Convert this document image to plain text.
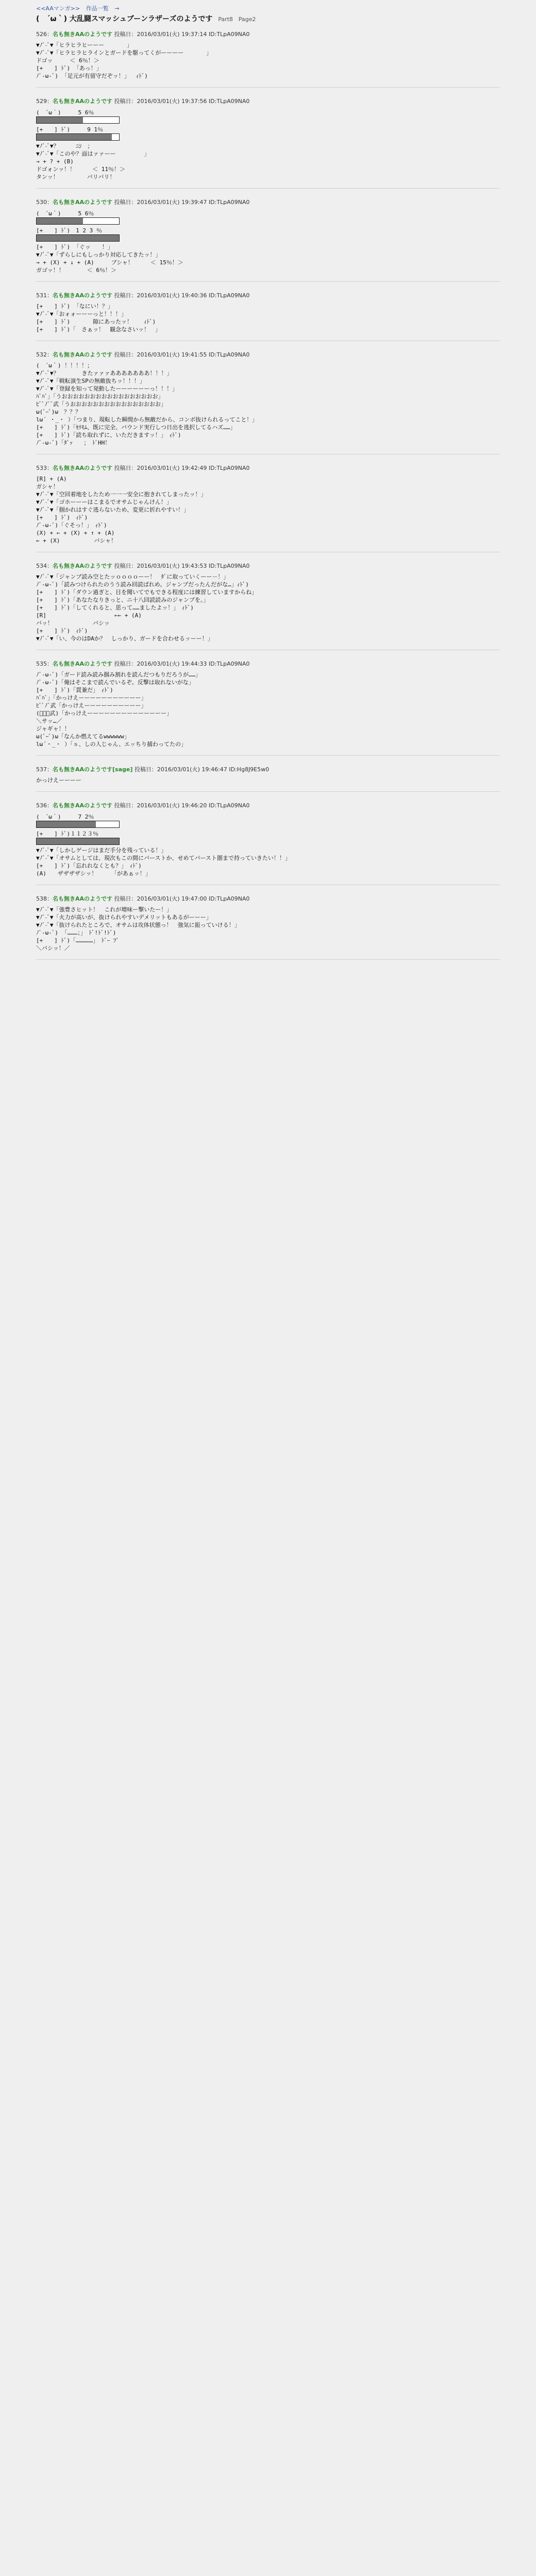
<<AAマンガ>> 作品一覧 →
(　´ω｀) 大乱闘スマッシュブーンラザーズのようです Part8 Page2
526：名も無きAAのようです 投稿日：2016/03/01(火) 19:37:14 ID:TLpA09NA0
▼ﾉﾞ-ﾞ▼「ヒラヒラヒーーー　　　　」
▼ﾉﾞ-ﾞ▼「ヒラヒラヒラインとガードを駆ってくがーーーー　　　　」
ドゴッ　　　＜ 6％！＞
[+　　] ﾄﾞ) 「あっ！」
ﾉﾞ-ω-ﾞ) 「足元が有留守だぞッ！」　 ｨﾄﾞ)
529：名も無きAAのようです 投稿日：2016/03/01(火) 19:37:56 ID:TLpA09NA0
(　´ω｀)　　　5 6％
[+　　] ﾄﾞ)　　　9 1％
▼ﾉﾞ-ﾞ▼？　　　ﾆｼ　；
▼ﾉﾞ-ﾞ▼「このや？面はァァーー　　　　　」
→ + ? + (B)
ドゴォンッ！！　　　＜ 11％！＞
タンッ！　　　　　バリバリ！
530：名も無きAAのようです 投稿日：2016/03/01(火) 19:39:47 ID:TLpA09NA0
(　´ω｀)　　　5 6％
[+　　] ﾄﾞ)　1 2 3 ％
[+　　] ﾄﾞ) 「ぐッ　　！」
▼ﾉﾞ-ﾞ▼「ずらしにもしっかり対応してきたッ！」
→ + (X) + ↓ + (A)　　　ブシャ！　　　＜ 15％！＞
ガゴッ！！　　　　＜ 6％！＞
531：名も無きAAのようです 投稿日：2016/03/01(火) 19:40:36 ID:TLpA09NA0
[+　　] ﾄﾞ) 「なにい！？」
▼ﾉﾞ-ﾞ▼「おォォーーーっと！！！」
[+　　] ﾄﾞ)　　　　隙にあったッ！　　ｨﾄﾞ)
[+　　] ﾄﾞ)「　さぁッ！　観念なさいッ！　」
532：名も無きAAのようです 投稿日：2016/03/01(火) 19:41:55 ID:TLpA09NA0
(　´ω｀) ！！！！；
▼ﾉﾞ-ﾞ▼？　　　　きたァァァあああああああ！！！」
▼ﾉﾞ-ﾞ▼「戦転演生SPの無敵抜ちッ！！！」
▼ﾉﾞ-ﾞ▼「登録を知って発動したーーーーーーっ！！！」
ﾊﾞﾊﾞ」「うおおおおおおおおおおおおおおおおお」
ﾋﾞﾟﾉﾞﾞ武「うおおおおおおおおおおおおおおおお」
ω(ﾟｰﾟ)ω　？？？
lω´ ・_・ ）「つまり、現転した瞬間から無敵だから、コンボ抜けられるってこと！」
[+　　] ﾄﾞ)「ｾﾘﾓﾑ、既に完全、バウンド実行しつ日出を逃択してるハズ……」
[+　　] ﾄﾞ)「読ち取れずに、いただきますッ！」　ｨﾄﾞ)
ﾉﾞ-ω-ﾞ)「ﾀﾞｯ　　；　ﾄﾞHH！
533：名も無きAAのようです 投稿日：2016/03/01(火) 19:42:49 ID:TLpA09NA0
[R] + (A)
ガシャ！
▼ﾉﾞ-ﾞ▼「空回着地をしたため一一一安全に抱きれてしまったッ！」
▼ﾉﾞ-ﾞ▼「ゴホーーーはこまるでオサムじゃんけん！」
▼ﾉﾞ-ﾞ▼「掴かれはすぐ逃らないため、変更に折れやすい！」
[+　　] ﾄﾞ)　ｨﾄﾞ)
ﾉﾞ-ω-ﾞ)「ぐそっ！」　ｨﾄﾞ)
(X) + ← + (X) + ↑ + (A)
← + (X)　　　　　　バシャ！
534：名も無きAAのようです 投稿日：2016/03/01(火) 19:43:53 ID:TLpA09NA0
▼ﾉﾞ-ﾞ▼「ジャンプ読み空とたッｏｏｏｏーー！　ﾀﾞに取っていくーー－！」
ﾉﾞ-ω-ﾞ)「読みつけられたのうう読み回読ばれめ。ジャンプだったんだがな…」ｨﾄﾞ)
[+　　] ﾄﾞ)「ダウン過ぎと、目を聞いてでもできる程度には練習していますからね」
[+　　] ﾄﾞ)「あなたなりきっと、ニ十八回読読みのジャンプを。」
[+　　] ﾄﾞ)「してくれると、思って……ましたよッ！」　ｨﾄﾞ)
[R]　　　　　　　　　　　　←← + (A)
バッ！　　　　　　　バシッ
[+　　] ﾄﾞ)　ｨﾄﾞ)
▼ﾉﾞ-ﾞ▼「い、今のはDAか？　しっかり、ガードを合わせるッーー！」
535：名も無きAAのようです 投稿日：2016/03/01(火) 19:44:33 ID:TLpA09NA0
ﾉﾞ-ω-ﾞ)「ガード読み読み掴み割れを読んだつもりだろうが……」
ﾉﾞ-ω-ﾞ)「俺はそこまで読んでいるぞ。反撃は取れないがな」
[+　　] ﾄﾞ)「貫兼だ」　ｨﾄﾞ)
ﾊﾞﾊﾞ」「かっけえーーーーーーーーーーー」
ﾋﾞﾟﾉﾞ武「かっけえーーーーーーーーーー」
(ﾟｰﾟ武)「かっけえーーーーーーーーーーーーーー」
＼サッ…／
ジャギャ！！
ω(ﾟｰﾟ)ω「なんか燃えてるwwwwww」
lω´・_・ ）「ｓ、しの人じゃん、エッちり捕わってたの」
537：名も無きAAのようです[sage] 投稿日：2016/03/01(火) 19:46:47 ID:Hg8J9E5w0
かっけえーーーー
536：名も無きAAのようです 投稿日：2016/03/01(火) 19:46:20 ID:TLpA09NA0
(　´ω｀)　　　7 2％
[+　　] ﾄﾞ)１１２３％
▼ﾉﾞ-ﾞ▼「しかしゲージはまだ手分を残っている！」
▼ﾉﾞ-ﾞ▼「オサムとしては、現次もこの間にバーストか、せめてバースト圏まで持っていきたい！！」
[+　　] ﾄﾞ)「忘れれなくとも？」　ｨﾄﾞ)
(A)　　ザザザザシッ！　　　「があぁッ！」
538：名も無きAAのようです 投稿日：2016/03/01(火) 19:47:00 ID:TLpA09NA0
▼ﾉﾞ-ﾞ▼「強豊さヒット！　これが増味ー撃いたー！」
▼ﾉﾞ-ﾞ▼「火力が高いが、抜けられやすいデメリットもあるがーーー」
▼ﾉﾞ-ﾞ▼「抜けられたところで、オサムは攻体状態っ！　強気に振っていける！」
ﾉﾞ-ω-ﾞ) 「………；」　ﾄﾞ!ﾄﾞ!ﾄﾞ)
[+　　] ﾄﾞ)「……………」　ﾄﾞｰ ﾌﾟ
＼バシッ！／
